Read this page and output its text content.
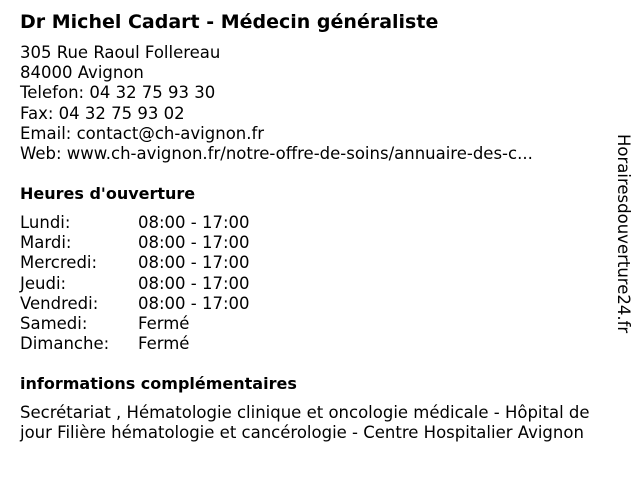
Dr Michel Cadart - Médecin généraliste
305 Rue Raoul Follereau
84000 Avignon
Telefon: 04 32 75 93 30
Fax: 04 32 75 93 02
Email: contact@ch-avignon.fr
Web: www.ch-avignon.fr/notre-offre-de-soins/annuaire-des-c...
Heures d'ouverture
Lundi:	08:00 - 17:00
Mardi:	08:00 - 17:00
Mercredi: 08:00 - 17:00
Jeudi:	08:00 - 17:00
Vendredi: 08:00 - 17:00
Samedi:	Fermé
Dimanche: Fermé
informations complémentaires
Secrétariat , Hématologie clinique et oncologie médicale - Hôpital de jour Filière hématologie et cancérologie - Centre Hospitalier Avignon
Horairesdouverture24.fr
